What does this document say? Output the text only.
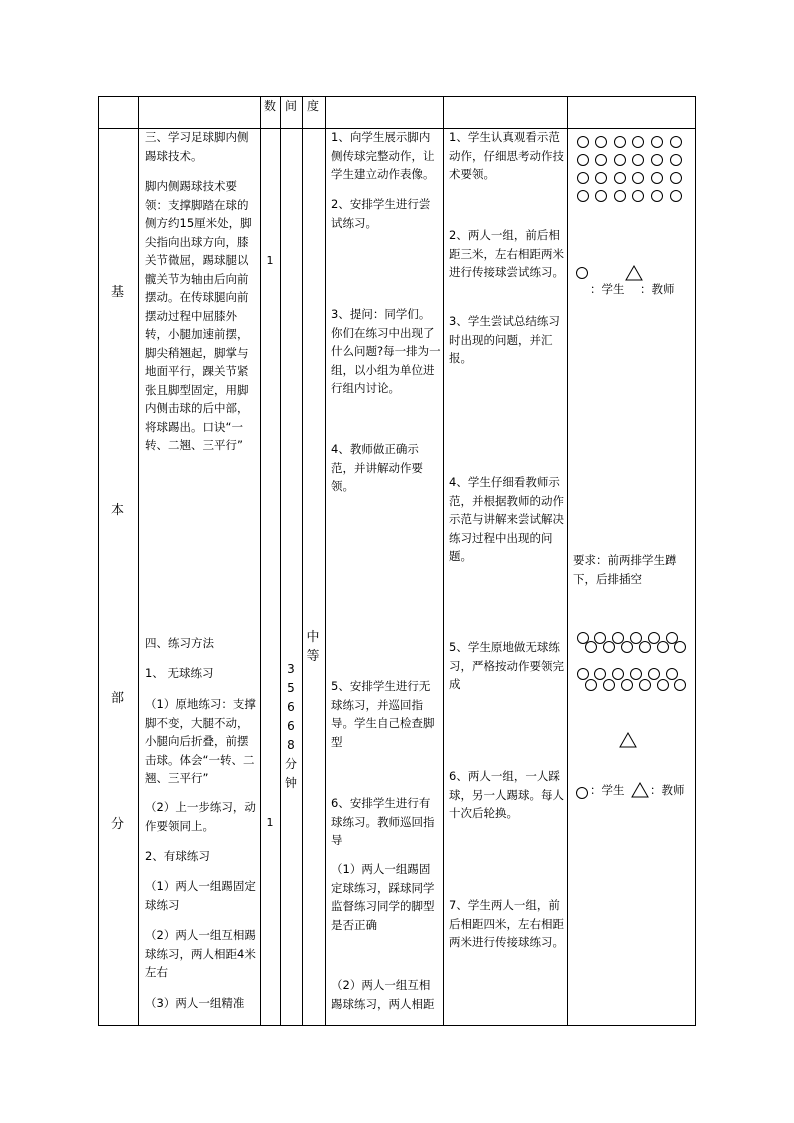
数 间 度
基
本
部
分
三、学习足球脚内侧踢球技术。
脚内侧踢球技术要领：支撑脚踏在球的侧方约15厘米处，脚尖指向出球方向，膝关节微屈，踢球腿以髋关节为轴由后向前摆动。在传球腿向前摆动过程中屈膝外转，小腿加速前摆，脚尖稍翘起，脚掌与地面平行，踝关节紧张且脚型固定，用脚内侧击球的后中部，将球踢出。口诀“一转、二翘、三平行”
四、练习方法
1、 无球练习
（1）原地练习：支撑脚不变，大腿不动，小腿向后折叠，前摆击球。体会“一转、二翘、三平行”
（2）上一步练习，动作要领同上。
2、有球练习
（1）两人一组踢固定球练习
（2）两人一组互相踢球练习，两人相距4米左右
（3）两人一组精准
1
1
3
5
6
6
8
分
钟
中
等
1、向学生展示脚内侧传球完整动作，让学生建立动作表像。
2、安排学生进行尝试练习。
3、提问：同学们。你们在练习中出现了什么问题?每一排为一组，以小组为单位进行组内讨论。
4、教师做正确示范，并讲解动作要领。
5、安排学生进行无球练习，并巡回指导。学生自己检查脚型
6、安排学生进行有球练习。教师巡回指导
（1）两人一组踢固定球练习，踩球同学监督练习同学的脚型是否正确
（2）两人一组互相踢球练习，两人相距
1、学生认真观看示范动作，仔细思考动作技术要领。
2、两人一组，前后相距三米，左右相距两米进行传接球尝试练习。
3、学生尝试总结练习时出现的问题，并汇报。
4、学生仔细看教师示范，并根据教师的动作示范与讲解来尝试解决练习过程中出现的问题。
5、学生原地做无球练习，严格按动作要领完成
6、两人一组，一人踩球，另一人踢球。每人十次后轮换。
7、学生两人一组，前后相距四米，左右相距两米进行传接球练习。
：学生 ：教师
要求：前两排学生蹲下，后排插空
：学生 ：教师
